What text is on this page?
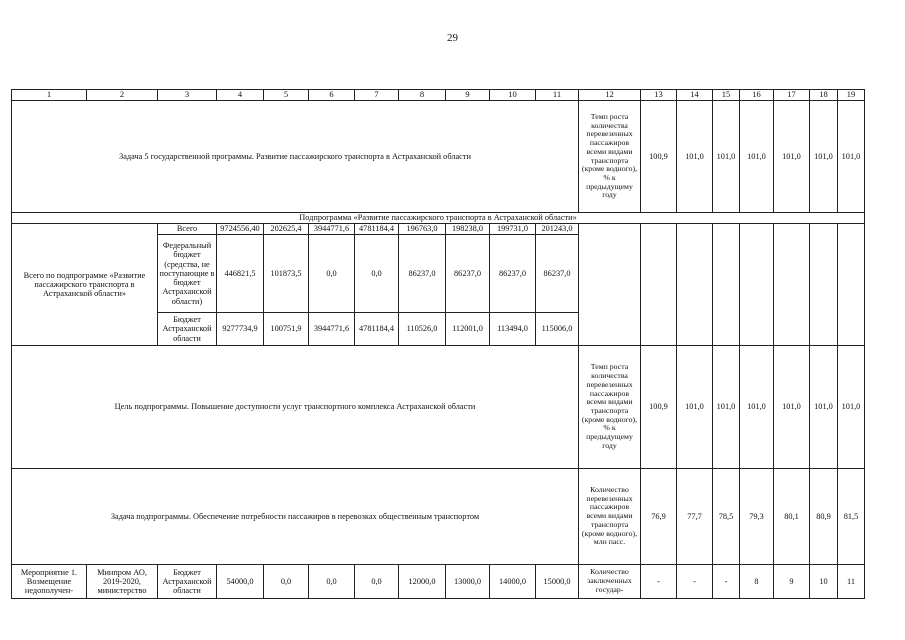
29
1	2	3	4	5	6	7	8	9	10	11	12	13	14	15	16	17	18	19
Задача 5 государственной программы. Развитие пассажирского транспорта в Астраханской области											Темп роста количества перевезенных пассажиров всеми видами транспорта (кроме водного), % к предыдущему году	100,9	101,0	101,0	101,0	101,0	101,0	101,0
Подпрограмма «Развитие пассажирского транспорта в Астраханской области»																		
Всего по подпрограмме «Развитие пассажирского транспорта в Астраханской области»		Всего	9724556,40	202625,4	3944771,6	4781184,4	196763,0	198238,0	199731,0	201243,0								
		Федеральный бюджет (средства, не поступающие в бюджет Астраханской области)	446821,5	101873,5	0,0	0,0	86237,0	86237,0	86237,0	86237,0								
		Бюджет Астраханской области	9277734,9	100751,9	3944771,6	4781184,4	110526,0	112001,0	113494,0	115006,0								
Цель подпрограммы. Повышение доступности услуг транспортного комплекса Астраханской области											Темп роста количества перевезенных пассажиров всеми видами транспорта (кроме водного), % к предыдущему году	100,9	101,0	101,0	101,0	101,0	101,0	101,0
Задача подпрограммы. Обеспечение потребности пассажиров в перевозках общественным транспортом											Количество перевезенных пассажиров всеми видами транспорта (кроме водного), млн пасс.	76,9	77,7	78,5	79,3	80,1	80,9	81,5
Мероприятие 1. Возмещение недополучен-	Минпром АО, 2019-2020, министерство	Бюджет Астраханской области	54000,0	0,0	0,0	0,0	12000,0	13000,0	14000,0	15000,0	Количество заключенных государ-	-	-	-	8	9	10	11
